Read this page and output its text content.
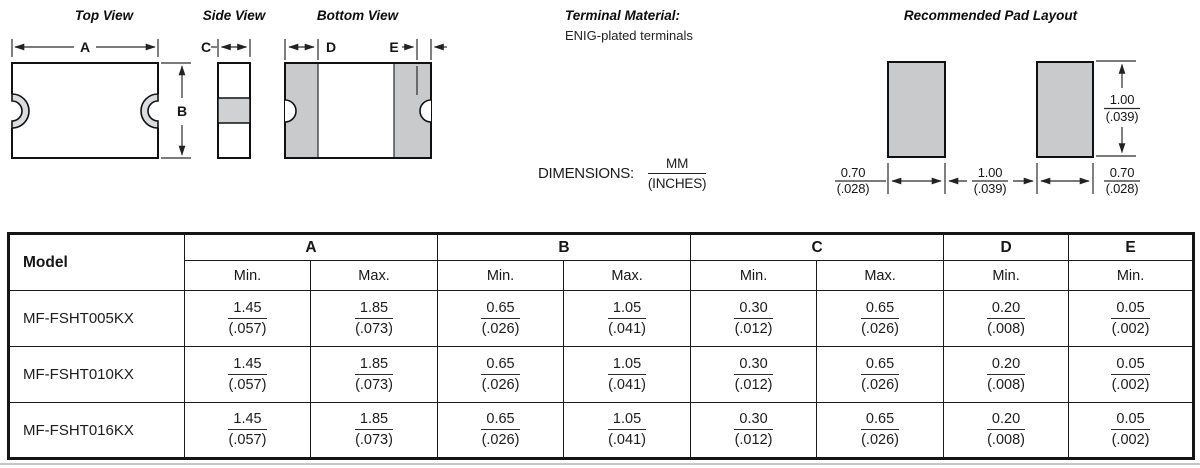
Top View	Side View	Bottom View	Terminal Material:
ENIG-plated terminals
Recommended Pad Layout
DIMENSIONS: $\frac{MM}{\text{(INCHES)}}$
A
B
C	D	E
0.70
(.028)
1.00
(.039)
0.70
(.028)
1.00
(.039)
Model	A		B		C		D	E
	Min.	Max.	Min.	Max.	Min.	Max.	Min.	Min.
MF-FSHT005KX	$\frac{1.45}{(.057)}$	$\frac{1.85}{(.073)}$	$\frac{0.65}{(.026)}$	$\frac{1.05}{(.041)}$	$\frac{0.30}{(.012)}$	$\frac{0.65}{(.026)}$	$\frac{0.20}{(.008)}$	$\frac{0.05}{(.002)}$

MF-FSHT010KX	$\frac{1.45}{(.057)}$	$\frac{1.85}{(.073)}$	$\frac{0.65}{(.026)}$	$\frac{1.05}{(.041)}$	$\frac{0.30}{(.012)}$	$\frac{0.65}{(.026)}$	$\frac{0.20}{(.008)}$	$\frac{0.05}{(.002)}$

MF-FSHT016KX	$\frac{1.45}{(.057)}$	$\frac{1.85}{(.073)}$	$\frac{0.65}{(.026)}$	$\frac{1.05}{(.041)}$	$\frac{0.30}{(.012)}$	$\frac{0.65}{(.026)}$	$\frac{0.20}{(.008)}$	$\frac{0.05}{(.002)}$
